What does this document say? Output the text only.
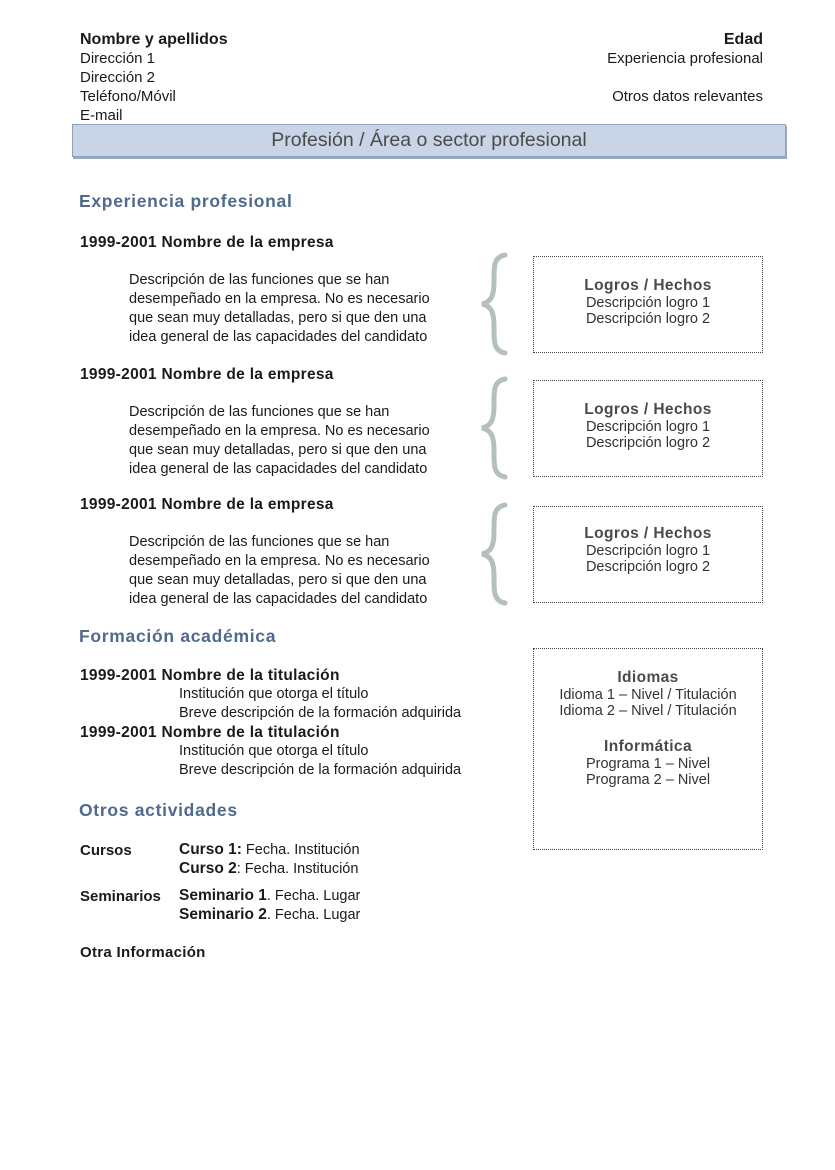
Nombre y apellidos
Dirección 1
Dirección 2
Teléfono/Móvil
E-mail
Edad
Experiencia profesional
Otros datos relevantes
Profesión / Área o sector profesional
Experiencia profesional
1999-2001 Nombre de la empresa

Descripción de las funciones que se han

desempeñado en la empresa. No es necesario

que sean muy detalladas, pero si que den una

idea general de las capacidades del candidato

Logros / Hechos
Descripción logro 1
Descripción logro 2
1999-2001 Nombre de la empresa

Descripción de las funciones que se han

desempeñado en la empresa. No es necesario

que sean muy detalladas, pero si que den una

idea general de las capacidades del candidato

Logros / Hechos
Descripción logro 1
Descripción logro 2
1999-2001 Nombre de la empresa

Descripción de las funciones que se han

desempeñado en la empresa. No es necesario

que sean muy detalladas, pero si que den una

idea general de las capacidades del candidato

Logros / Hechos
Descripción logro 1
Descripción logro 2
Formación académica
1999-2001 Nombre de la titulación
Institución que otorga el título
Breve descripción de la formación adquirida
1999-2001 Nombre de la titulación
Institución que otorga el título
Breve descripción de la formación adquirida
Idiomas
Idioma 1 – Nivel / Titulación
Idioma 2 – Nivel / Titulación
Informática
Programa 1 – Nivel
Programa 2 – Nivel
Otros actividades
Cursos	Curso 1: Fecha. Institución
Curso 2: Fecha. Institución
Seminarios Seminario 1. Fecha. Lugar
Seminario 2. Fecha. Lugar
Otra Información
